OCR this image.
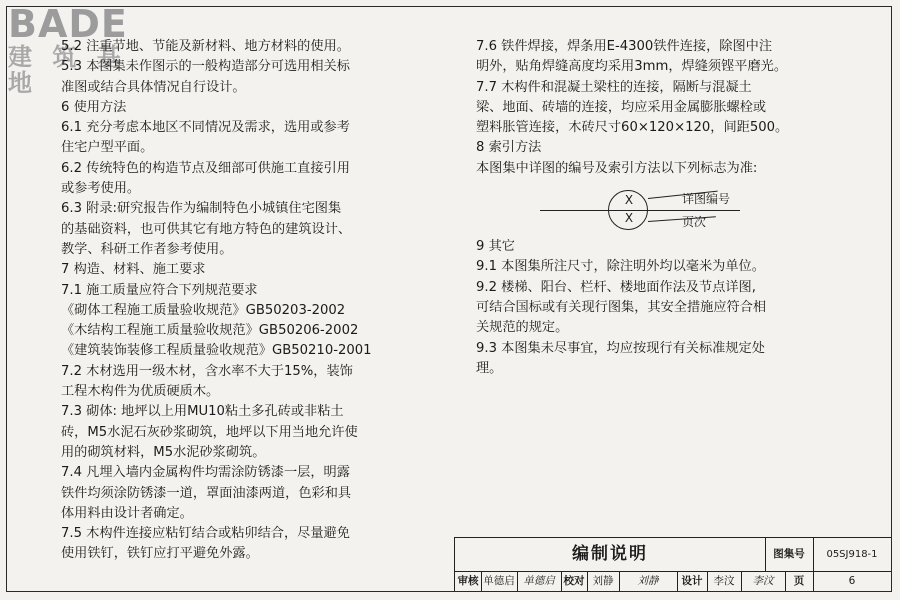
BADE
建 筑 基 地
5.2 注重节地、节能及新材料、地方材料的使用。
5.3 本图集未作图示的一般构造部分可选用相关标
准图或结合具体情况自行设计。
6 使用方法
6.1 充分考虑本地区不同情况及需求，选用或参考
住宅户型平面。
6.2 传统特色的构造节点及细部可供施工直接引用
或参考使用。
6.3 附录:研究报告作为编制特色小城镇住宅图集
的基础资料，也可供其它有地方特色的建筑设计、
教学、科研工作者参考使用。
7 构造、材料、施工要求
7.1 施工质量应符合下列规范要求
《砌体工程施工质量验收规范》GB50203-2002
《木结构工程施工质量验收规范》GB50206-2002
《建筑装饰装修工程质量验收规范》GB50210-2001
7.2 木材选用一级木材，含水率不大于15%，装饰
工程木构件为优质硬质木。
7.3 砌体: 地坪以上用MU10粘土多孔砖或非粘土
砖，M5水泥石灰砂浆砌筑，地坪以下用当地允许使
用的砌筑材料，M5水泥砂浆砌筑。
7.4 凡埋入墙内金属构件均需涂防锈漆一层，明露
铁件均须涂防锈漆一道，罩面油漆两道，色彩和具
体用料由设计者确定。
7.5 木构件连接应粘钉结合或粘卯结合，尽量避免
使用铁钉，铁钉应打平避免外露。
7.6 铁件焊接，焊条用E-4300铁件连接，除图中注
明外，贴角焊缝高度均采用3mm，焊缝须铿平磨光。
7.7 木构件和混凝土梁柱的连接，隔断与混凝土
梁、地面、砖墙的连接，均应采用金属膨胀螺栓或
塑料胀管连接，木砖尺寸60×120×120，间距500。
8 索引方法
本图集中详图的编号及索引方法以下列标志为准:
9 其它
9.1 本图集所注尺寸，除注明外均以毫米为单位。
9.2 楼梯、阳台、栏杆、楼地面作法及节点详图,
可结合国标或有关现行图集，其安全措施应符合相
关规范的规定。
9.3 本图集未尽事宜，均应按现行有关标准规定处
理。
X
X
详图编号
页次
编制说明	图集号	05SJ918-1
审核 单德启 单德启 校对 刘静	刘静	设计	李汶	李汶	页	6
